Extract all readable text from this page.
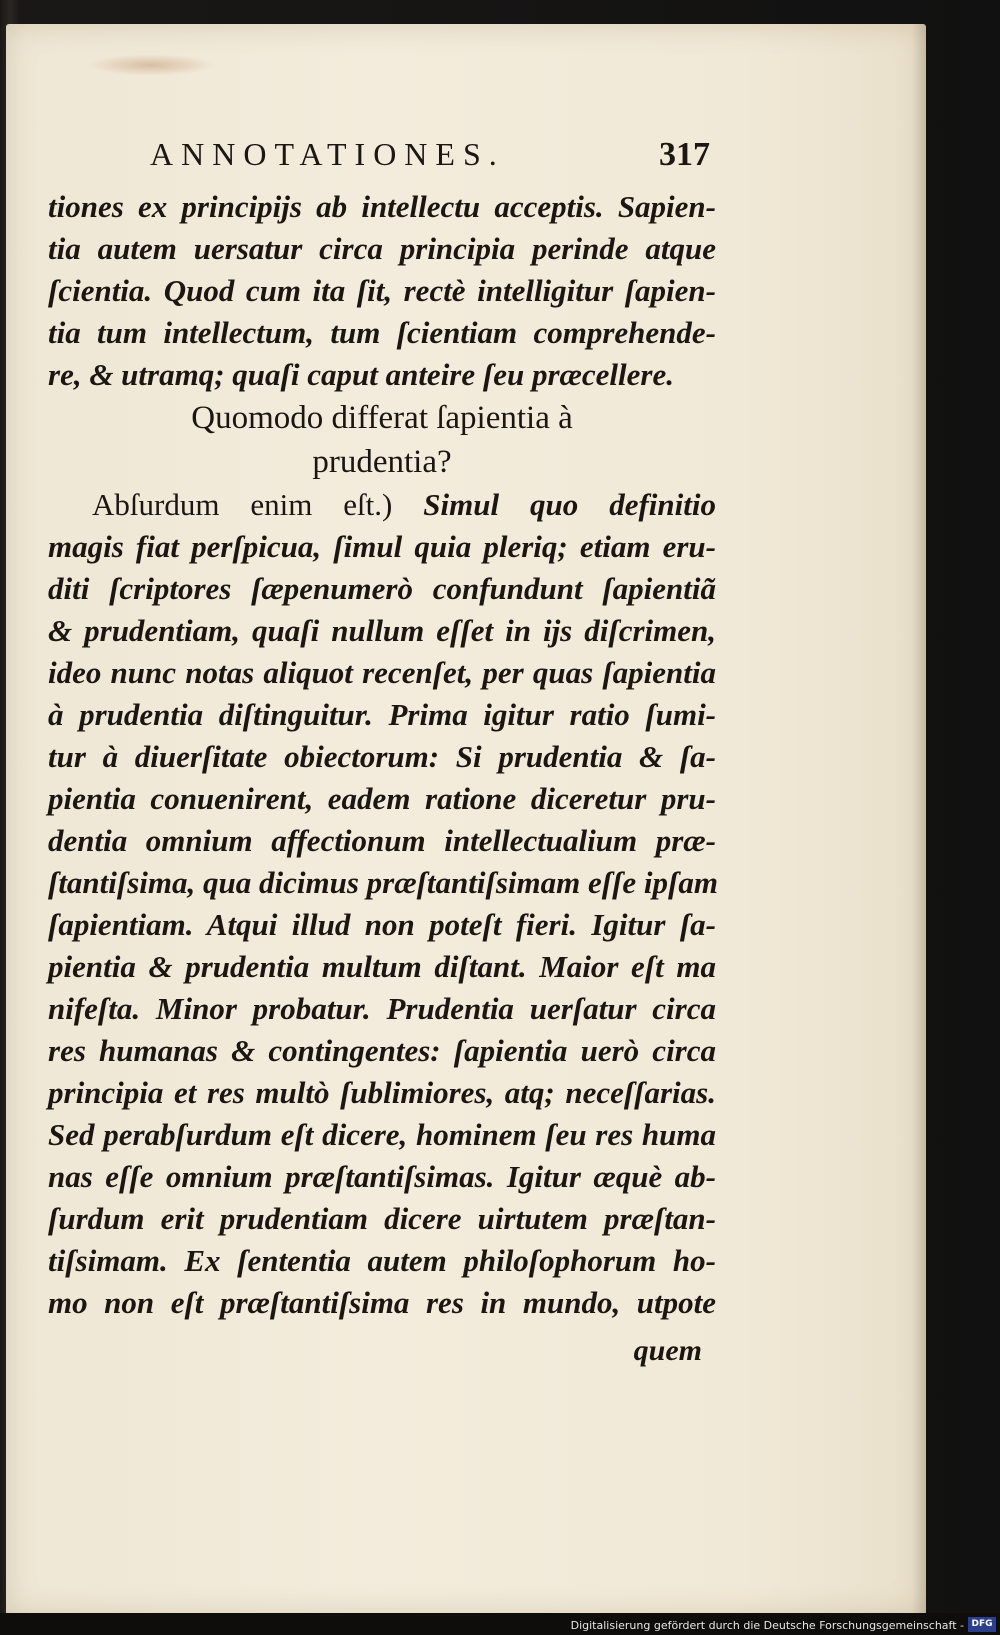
ANNOTATIONES.	317
tiones ex principijs ab intellectu acceptis. Sapien-
tia autem uersatur circa principia perinde atque
ſcientia. Quod cum ita ſit, rectè intelligitur ſapien-
tia tum intellectum, tum ſcientiam comprehende-
re, & utramq; quaſi caput anteire ſeu præcellere.
Quomodo differat ſapientia à
prudentia?
Abſurdum enim eſt.) Simul quo definitio
magis fiat perſpicua, ſimul quia pleriq; etiam eru-
diti ſcriptores ſæpenumerò confundunt ſapientiã
& prudentiam, quaſi nullum eſſet in ijs diſcrimen,
ideo nunc notas aliquot recenſet, per quas ſapientia
à prudentia diſtinguitur. Prima igitur ratio ſumi-
tur à diuerſitate obiectorum: Si prudentia & ſa-
pientia conuenirent, eadem ratione diceretur pru-
dentia omnium affectionum intellectualium præ-
ſtantiſsima, qua dicimus præſtantiſsimam eſſe ipſam
ſapientiam. Atqui illud non poteſt fieri. Igitur ſa-
pientia & prudentia multum diſtant. Maior eſt ma
nifeſta. Minor probatur. Prudentia uerſatur circa
res humanas & contingentes: ſapientia uerò circa
principia et res multò ſublimiores, atq; neceſſarias.
Sed perabſurdum eſt dicere, hominem ſeu res huma
nas eſſe omnium præſtantiſsimas. Igitur æquè ab-
ſurdum erit prudentiam dicere uirtutem præſtan-
tiſsimam. Ex ſententia autem philoſophorum ho-
mo non eſt præſtantiſsima res in mundo, utpote
quem
Digitalisierung gefördert durch die Deutsche Forschungsgemeinschaft - DFG
